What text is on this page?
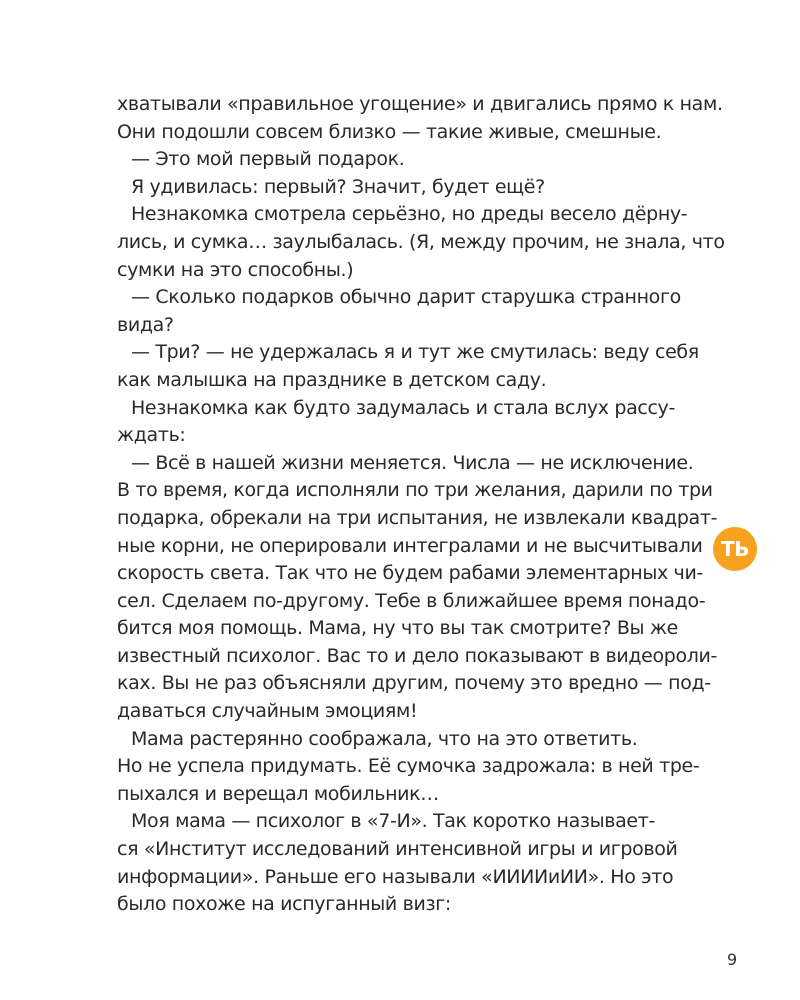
хватывали «правильное угощение» и двигались прямо к нам.
Они подошли совсем близко — такие живые, смешные.
— Это мой первый подарок.
Я удивилась: первый? Значит, будет ещё?
Незнакомка смотрела серьёзно, но дреды весело дёрну-
лись, и сумка… заулыбалась. (Я, между прочим, не знала, что
сумки на это способны.)
— Сколько подарков обычно дарит старушка странного
вида?
— Три? — не удержалась я и тут же смутилась: веду себя
как малышка на празднике в детском саду.
Незнакомка как будто задумалась и стала вслух рассу-
ждать:
— Всё в нашей жизни меняется. Числа — не исключение.
В то время, когда исполняли по три желания, дарили по три
подарка, обрекали на три испытания, не извлекали квадрат-
ные корни, не оперировали интегралами и не высчитывали
скорость света. Так что не будем рабами элементарных чи-
сел. Сделаем по-другому. Тебе в ближайшее время понадо-
бится моя помощь. Мама, ну что вы так смотрите? Вы же
известный психолог. Вас то и дело показывают в видеороли-
ках. Вы не раз объясняли другим, почему это вредно — под-
даваться случайным эмоциям!
Мама растерянно соображала, что на это ответить.
Но не успела придумать. Её сумочка задрожала: в ней тре-
пыхался и верещал мобильник…
Моя мама — психолог в «7-И». Так коротко называет-
ся «Институт исследований интенсивной игры и игровой
информации». Раньше его называли «ИИИИиИИ». Но это
было похоже на испуганный визг:
ТЬ
9
